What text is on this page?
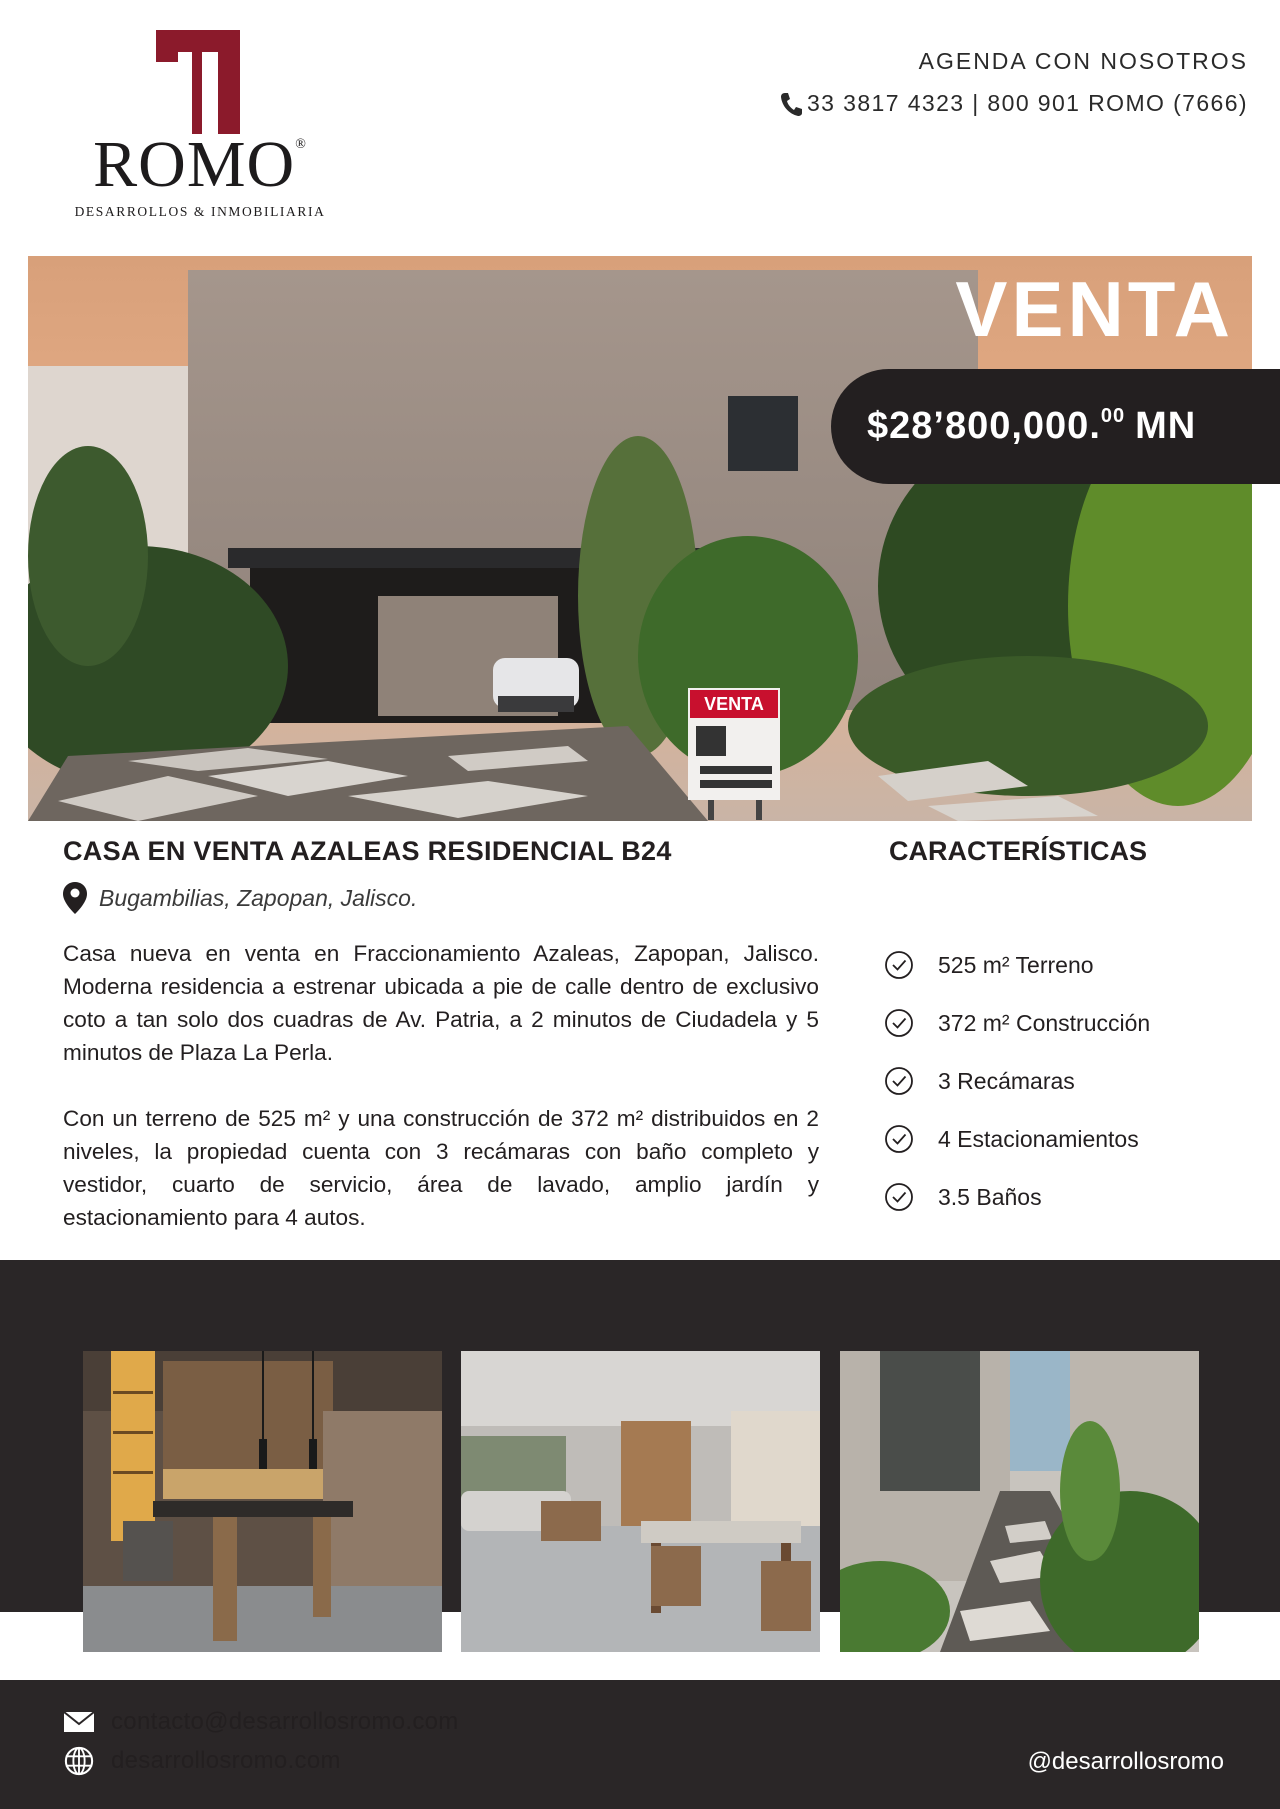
ROMO®
DESARROLLOS & INMOBILIARIA
AGENDA CON NOSOTROS
33 3817 4323 | 800 901 ROMO (7666)
VENTA
VENTA
$28’800,000. 00 MN
CASA EN VENTA AZALEAS RESIDENCIAL B24
Bugambilias, Zapopan, Jalisco.

Casa nueva en venta en Fraccionamiento Azaleas, Zapopan, Jalisco. Moderna residencia a estrenar ubicada a pie de calle dentro de exclusivo coto a tan solo dos cuadras de Av. Patria, a 2 minutos de Ciudadela y 5 minutos de Plaza La Perla.

Con un terreno de 525 m² y una construcción de 372 m² distribuidos en 2 niveles, la propiedad cuenta con 3 recámaras con baño completo y vestidor, cuarto de servicio, área de lavado, amplio jardín y estacionamiento para 4 autos.

CARACTERÍSTICAS
525 m² Terreno
372 m² Construcción
3 Recámaras
4 Estacionamientos
3.5 Baños
contacto@desarrollosromo.com
desarrollosromo.com	@desarrollosromo
